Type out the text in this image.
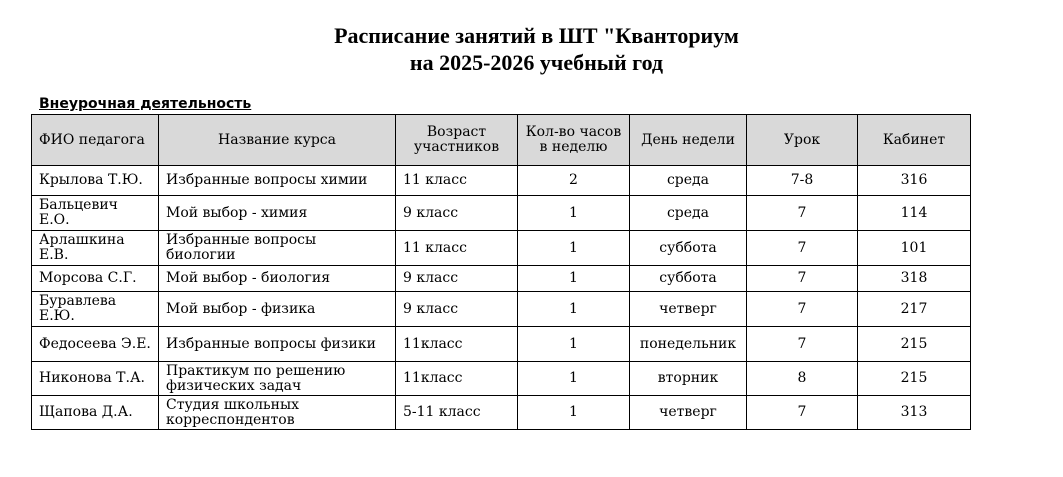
Расписание занятий в ШТ "Кванториум
на 2025-2026 учебный год
Внеурочная деятельность
ФИО педагога	Название курса	Возраст участников	Кол-во часов в неделю	День недели	Урок	Кабинет
Крылова Т.Ю.	Избранные вопросы химии	11 класс	2	среда	7-8	316
Бальцевич Е.О.	Мой выбор - химия	9 класс	1	среда	7	114
Арлашкина Е.В.	Избранные вопросы биологии	11 класс	1	суббота	7	101
Морсова С.Г.	Мой выбор - биология	9 класс	1	суббота	7	318
Буравлева Е.Ю.	Мой выбор - физика	9 класс	1	четверг	7	217
Федосеева Э.Е.	Избранные вопросы физики	11класс	1	понедельник	7	215
Никонова Т.А.	Практикум по решению физических задач	11класс	1	вторник	8	215
Щапова Д.А.	Студия школьных корреспондентов	5-11 класс	1	четверг	7	313
